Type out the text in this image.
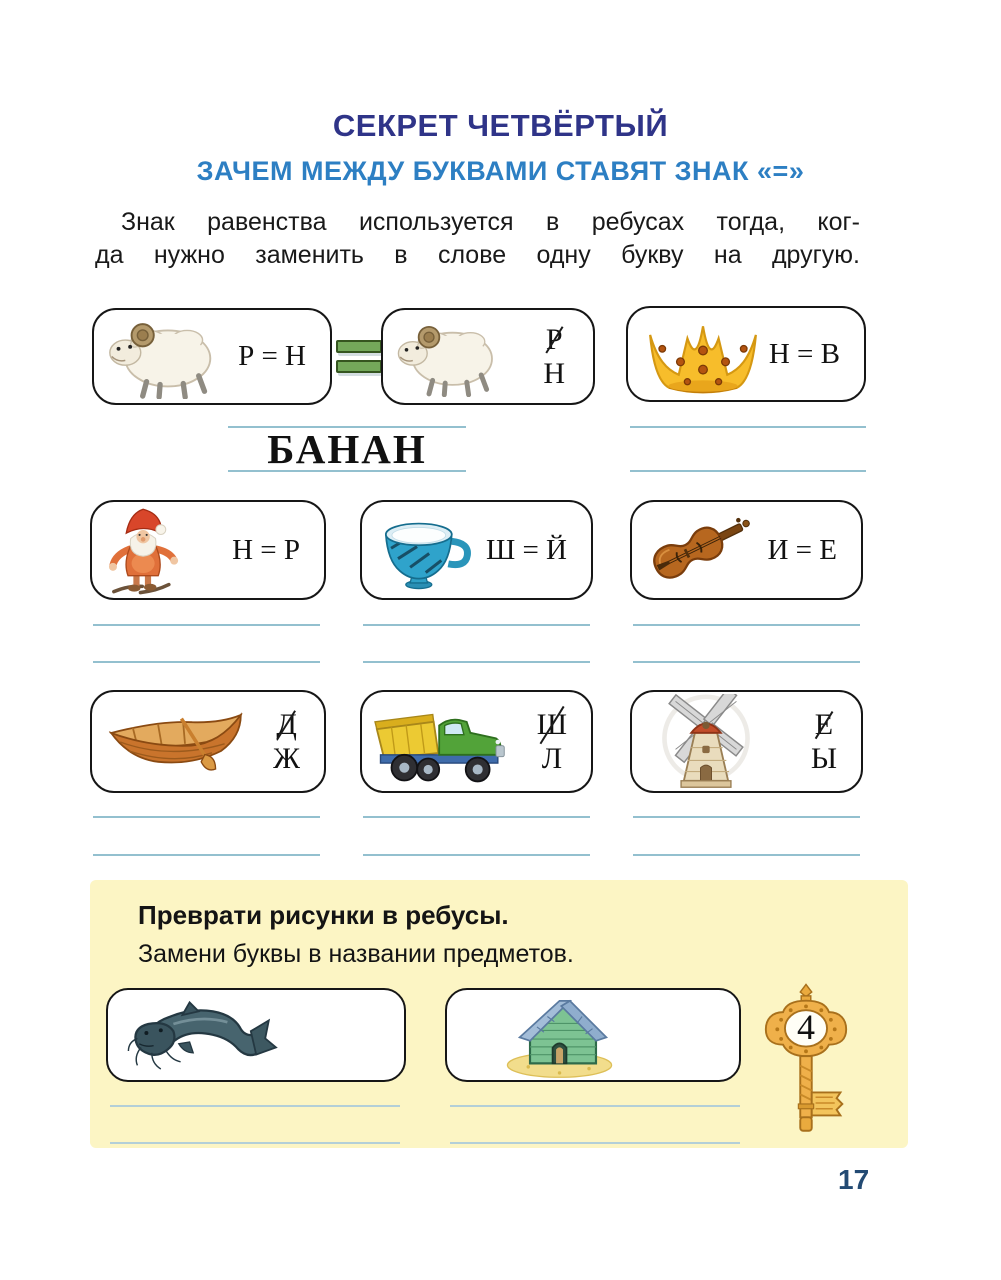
СЕКРЕТ ЧЕТВЁРТЫЙ
ЗАЧЕМ МЕЖДУ БУКВАМИ СТАВЯТ ЗНАК «=»
Знак равенства используется в ребусах тогда, ког-
да нужно заменить в слове одну букву на другую.
Р = Н
Р
Н
Н = В
БАНАН
Н = Р	Ш = Й	И = Е
Д
Ж
Ш
Л
Е
Ы
Преврати рисунки в ребусы.
Замени буквы в названии предметов.
4
17
